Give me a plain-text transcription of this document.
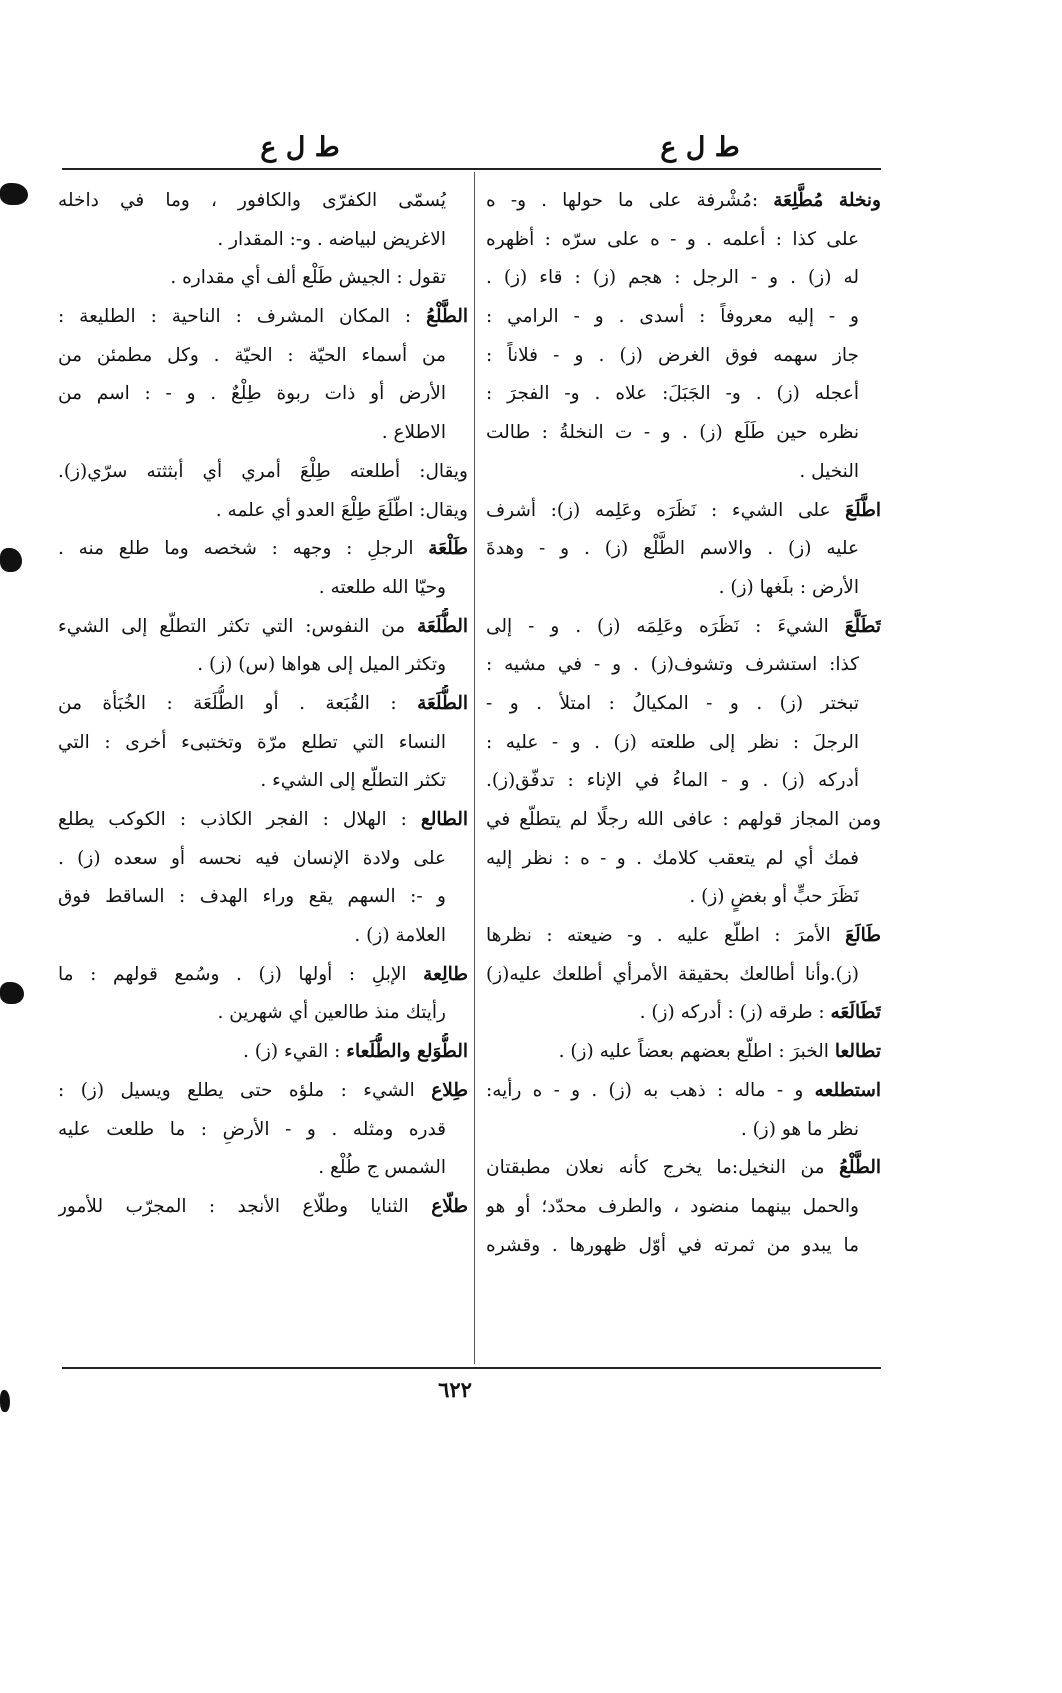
ط ل ع
ط ل ع
ونخلة مُطَّلِعَة :مُشْرفة على ما حولها . و- ه
على كذا : أعلمه . و - ه على سرّه : أظهره
له (ز) . و - الرجل : هجم (ز) : قاء (ز) .
و - إليه معروفاً : أسدى . و - الرامي :
جاز سهمه فوق الغرض (ز) . و - فلاناً :
أعجله (ز) . و- الجَبَلَ: علاه . و- الفجرَ :
نظره حين طَلَع (ز) . و - ت النخلةُ : طالت
النخيل .
اطَّلَعَ على الشيء : نَظَرَه وعَلِمه (ز): أشرف
عليه (ز) . والاسم الطَّلْع (ز) . و - وهدةَ
الأرض : بلَغها (ز) .
تَطَلَّعَ الشيءَ : نَظَرَه وعَلِمَه (ز) . و - إلى
كذا: استشرف وتشوف(ز) . و - في مشيه :
تبختر (ز) . و - المكيالُ : امتلأ . و -
الرجلَ : نظر إلى طلعته (ز) . و - عليه :
أدركه (ز) . و - الماءُ في الإناء : تدفّق(ز).
ومن المجاز قولهم : عافى الله رجلًا لم يتطلّع في
فمك أي لم يتعقب كلامك . و - ه : نظر إليه
نَظَرَ حبٍّ أو بغضٍ (ز) .
طَالَعَ الأمرَ : اطلّع عليه . و- ضيعته : نظرها
(ز).وأنا أطالعك بحقيقة الأمرأي أطلعك عليه(ز)
تَطَالَعَه : طرقه (ز) : أدركه (ز) .
تطالعا الخبرَ : اطلّع بعضهم بعضاً عليه (ز) .
استطلعه و - ماله : ذهب به (ز) . و - ه رأيه:
نظر ما هو (ز) .
الطَّلْعُ من النخيل:ما يخرج كأنه نعلان مطبقتان
والحمل بينهما منضود ، والطرف محدّد؛ أو هو
ما يبدو من ثمرته في أوّل ظهورها . وقشره
يُسمّى الكفرّى والكافور ، وما في داخله
الاغريض لبياضه . و-: المقدار .
تقول : الجيش طَلْع ألف أي مقداره .
الطَّلْعُ : المكان المشرف : الناحية : الطليعة :
من أسماء الحيّة : الحيّة . وكل مطمئن من
الأرض أو ذات ربوة طِلْعٌ . و - : اسم من
الاطلاع .
ويقال: أطلعته طِلْعَ أمري أي أبثثته سرّي(ز).
ويقال: اطّلَعَ طِلْعَ العدو أي علمه .
طَلْعَة الرجلِ : وجهه : شخصه وما طلع منه .
وحيّا الله طلعته .
الطُّلَعَة من النفوس: التي تكثر التطلّع إلى الشيء
وتكثر الميل إلى هواها (س) (ز) .
الطُّلَعَة : القُبَعة . أو الطُّلَعَة : الخُبَأة من
النساء التي تطلع مرّة وتختبىء أخرى : التي
تكثر التطلّع إلى الشيء .
الطالع : الهلال : الفجر الكاذب : الكوكب يطلع
على ولادة الإنسان فيه نحسه أو سعده (ز) .
و -: السهم يقع وراء الهدف : الساقط فوق
العلامة (ز) .
طالِعة الإبلِ : أولها (ز) . وسُمع قولهم : ما
رأيتك منذ طالعين أي شهرين .
الطُّوَلع والطُّلَعاء : القيء (ز) .
طِلاع الشيء : ملؤه حتى يطلع ويسيل (ز) :
قدره ومثله . و - الأرضِ : ما طلعت عليه
الشمس ج طُلْع .
طلّاع الثنايا وطلّاع الأنجد : المجرّب للأمور
٦٢٢
